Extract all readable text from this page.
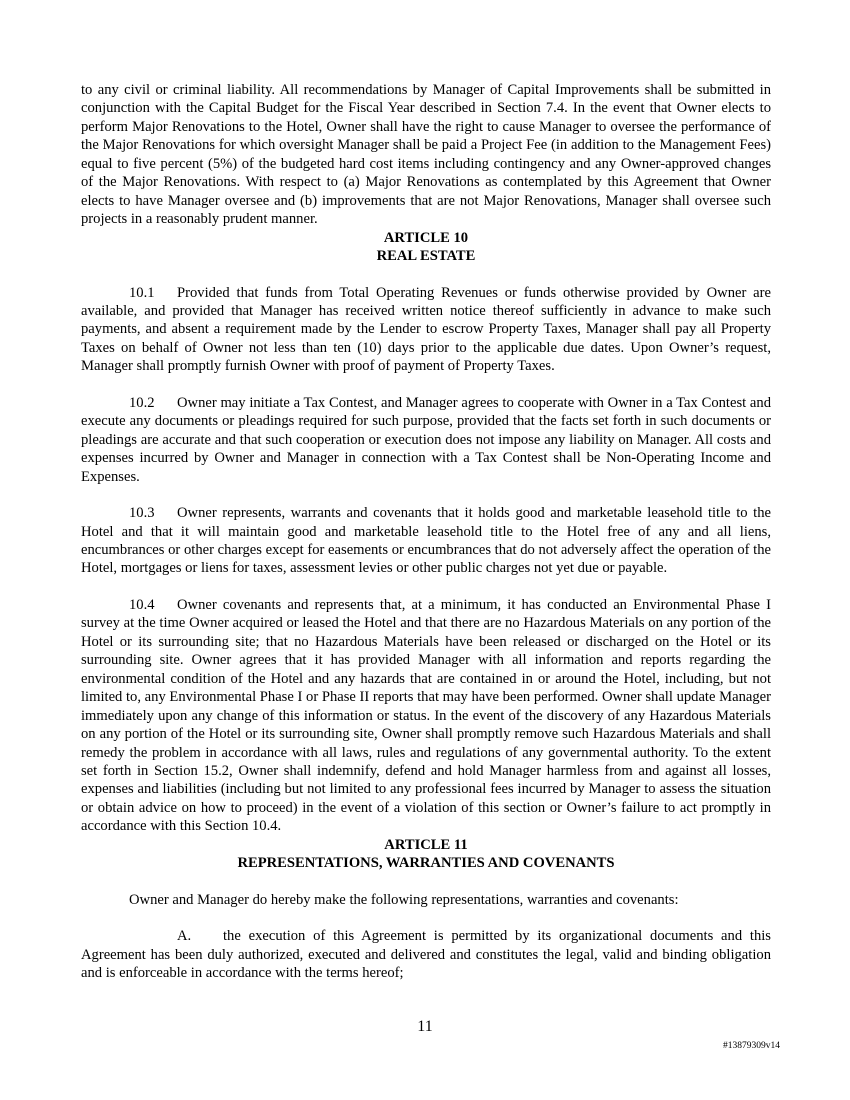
to any civil or criminal liability. All recommendations by Manager of Capital Improvements shall be submitted in conjunction with the Capital Budget for the Fiscal Year described in Section 7.4. In the event that Owner elects to perform Major Renovations to the Hotel, Owner shall have the right to cause Manager to oversee the performance of the Major Renovations for which oversight Manager shall be paid a Project Fee (in addition to the Management Fees) equal to five percent (5%) of the budgeted hard cost items including contingency and any Owner-approved changes of the Major Renovations. With respect to (a) Major Renovations as contemplated by this Agreement that Owner elects to have Manager oversee and (b) improvements that are not Major Renovations, Manager shall oversee such projects in a reasonably prudent manner.

ARTICLE 10

REAL ESTATE

10.1 Provided that funds from Total Operating Revenues or funds otherwise provided by Owner are available, and provided that Manager has received written notice thereof sufficiently in advance to make such payments, and absent a requirement made by the Lender to escrow Property Taxes, Manager shall pay all Property Taxes on behalf of Owner not less than ten (10) days prior to the applicable due dates. Upon Owner’s request, Manager shall promptly furnish Owner with proof of payment of Property Taxes.

10.2 Owner may initiate a Tax Contest, and Manager agrees to cooperate with Owner in a Tax Contest and execute any documents or pleadings required for such purpose, provided that the facts set forth in such documents or pleadings are accurate and that such cooperation or execution does not impose any liability on Manager. All costs and expenses incurred by Owner and Manager in connection with a Tax Contest shall be Non-Operating Income and Expenses.

10.3 Owner represents, warrants and covenants that it holds good and marketable leasehold title to the Hotel and that it will maintain good and marketable leasehold title to the Hotel free of any and all liens, encumbrances or other charges except for easements or encumbrances that do not adversely affect the operation of the Hotel, mortgages or liens for taxes, assessment levies or other public charges not yet due or payable.

10.4 Owner covenants and represents that, at a minimum, it has conducted an Environmental Phase I survey at the time Owner acquired or leased the Hotel and that there are no Hazardous Materials on any portion of the Hotel or its surrounding site; that no Hazardous Materials have been released or discharged on the Hotel or its surrounding site. Owner agrees that it has provided Manager with all information and reports regarding the environmental condition of the Hotel and any hazards that are contained in or around the Hotel, including, but not limited to, any Environmental Phase I or Phase II reports that may have been performed. Owner shall update Manager immediately upon any change of this information or status. In the event of the discovery of any Hazardous Materials on any portion of the Hotel or its surrounding site, Owner shall promptly remove such Hazardous Materials and shall remedy the problem in accordance with all laws, rules and regulations of any governmental authority. To the extent set forth in Section 15.2, Owner shall indemnify, defend and hold Manager harmless from and against all losses, expenses and liabilities (including but not limited to any professional fees incurred by Manager to assess the situation or obtain advice on how to proceed) in the event of a violation of this section or Owner’s failure to act promptly in accordance with this Section 10.4.

ARTICLE 11

REPRESENTATIONS, WARRANTIES AND COVENANTS

Owner and Manager do hereby make the following representations, warranties and covenants:

A. the execution of this Agreement is permitted by its organizational documents and this Agreement has been duly authorized, executed and delivered and constitutes the legal, valid and binding obligation and is enforceable in accordance with the terms hereof;

11
#13879309v14
